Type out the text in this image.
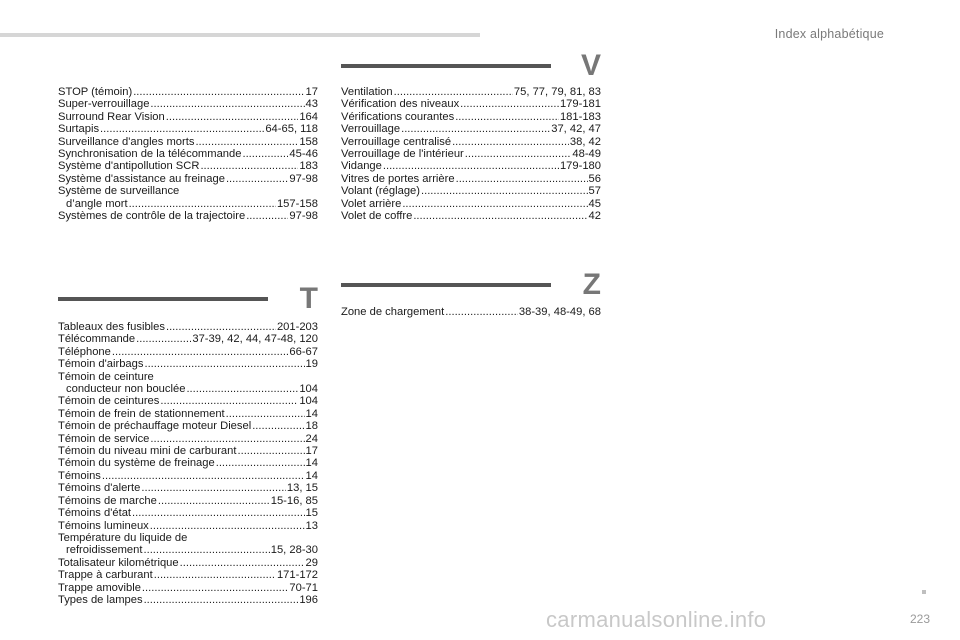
Index alphabétique
STOP (témoin) .....	17
Super-verrouillage .....	43
Surround Rear Vision .....	164
Surtapis .....	64-65, 118
Surveillance d'angles morts .....	158
Synchronisation de la télécommande .....	45-46
Système d'antipollution SCR .....	183
Système d'assistance au freinage .....	97-98
Système de surveillance
d’angle mort .....	157-158
Systèmes de contrôle de la trajectoire .....	97-98
T
Tableaux des fusibles .....	201-203
Télécommande .....	37-39, 42, 44, 47-48, 120
Téléphone .....	66-67
Témoin d'airbags .....	19
Témoin de ceinture
conducteur non bouclée .....	104
Témoin de ceintures .....	104
Témoin de frein de stationnement .....	14
Témoin de préchauffage moteur Diesel .....	18
Témoin de service .....	24
Témoin du niveau mini de carburant .....	17
Témoin du système de freinage .....	14
Témoins .....	14
Témoins d'alerte .....	13, 15
Témoins de marche .....	15-16, 85
Témoins d'état .....	15
Témoins lumineux .....	13
Température du liquide de
refroidissement .....	15, 28-30
Totalisateur kilométrique .....	29
Trappe à carburant .....	171-172
Trappe amovible .....	70-71
Types de lampes .....	196
V
Ventilation .....	75, 77, 79, 81, 83
Vérification des niveaux .....	179-181
Vérifications courantes .....	181-183
Verrouillage .....	37, 42, 47
Verrouillage centralisé .....	38, 42
Verrouillage de l'intérieur .....	48-49
Vidange .....	179-180
Vitres de portes arrière .....	56
Volant (réglage) .....	57
Volet arrière .....	45
Volet de coffre .....	42
Z
Zone de chargement .....	38-39, 48-49, 68
carmanualsonline.info	223
